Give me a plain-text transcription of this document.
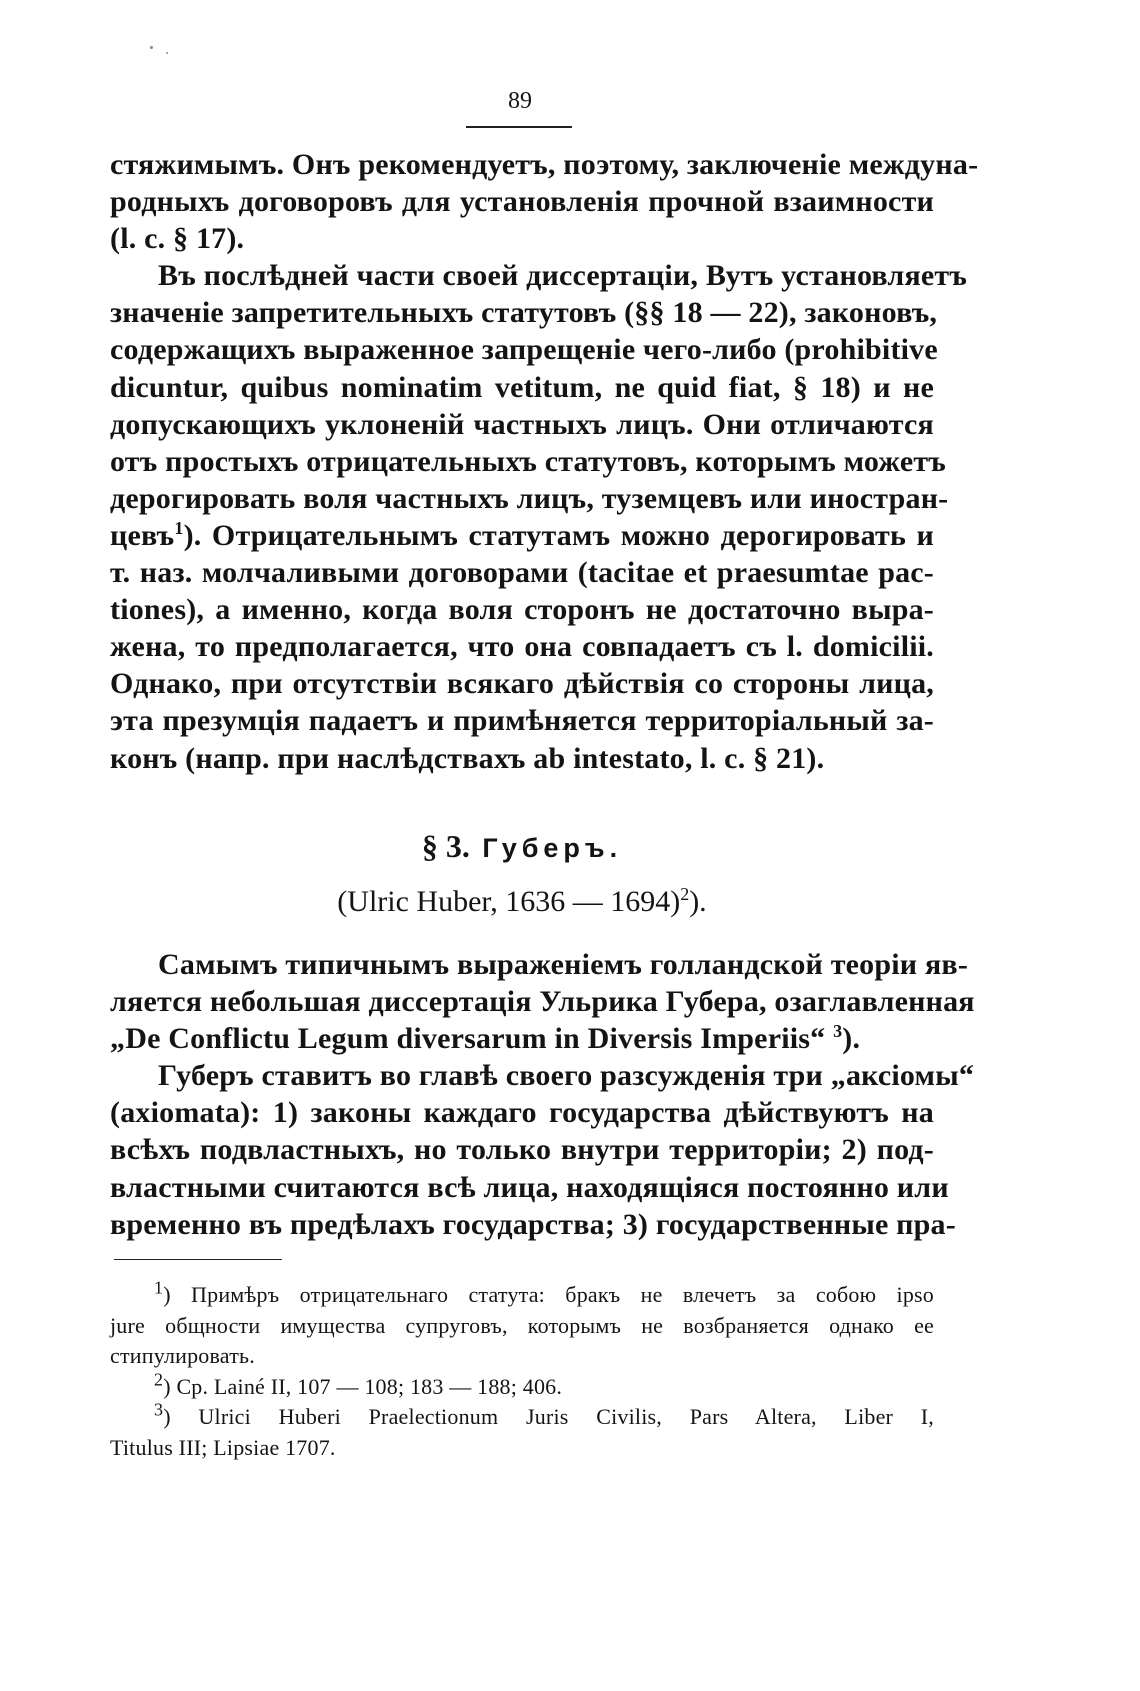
89
стяжимымъ. Онъ рекомендуетъ, поэтому, заключеніе междуна-
родныхъ договоровъ для установленія прочной взаимности
(l. c. § 17).
Въ послѣдней части своей диссертаціи, Вутъ установляетъ
значеніе запретительныхъ статутовъ (§§ 18 — 22), законовъ,
содержащихъ выраженное запрещеніе чего-либо (prohibitive
dicuntur, quibus nominatim vetitum, ne quid fiat, § 18) и не
допускающихъ уклоненій частныхъ лицъ. Они отличаются
отъ простыхъ отрицательныхъ статутовъ, которымъ можетъ
дерогировать воля частныхъ лицъ, туземцевъ или иностран-
цевъ$^1$). Отрицательнымъ статутамъ можно дерогировать и
т. наз. молчаливыми договорами (tacitae et praesumtae pac-
tiones), а именно, когда воля сторонъ не достаточно выра-
жена, то предполагается, что она совпадаетъ съ l. domicilii.
Однако, при отсутствіи всякаго дѣйствія со стороны лица,
эта презумція падаетъ и примѣняется территоріальный за-
конъ (напр. при наслѣдствахъ ab intestato, l. c. § 21).
§ 3. Губеръ.
(Ulric Huber, 1636 — 1694)$^2$).
Самымъ типичнымъ выраженіемъ голландской теоріи яв-
ляется небольшая диссертація Ульрика Губера, озаглавленная
„De Conflictu Legum diversarum in Diversis Imperiis“ $^3$).
Губеръ ставитъ во главѣ своего разсужденія три „аксіомы“
(axiomata): 1) законы каждаго государства дѣйствуютъ на
всѣхъ подвластныхъ, но только внутри территоріи; 2) под-
властными считаются всѣ лица, находящіяся постоянно или
временно въ предѣлахъ государства; 3) государственные пра-
$^1$) Примѣръ отрицательнаго статута: бракъ не влечетъ за собою ipso
jure общности имущества супруговъ, которымъ не возбраняется однако ее
стипулировать.
$^2$) Cp. Lainé II, 107 — 108; 183 — 188; 406.
$^3$) Ulrici Huberi Praelectionum Juris Civilis, Pars Altera, Liber I,
Titulus III; Lipsiae 1707.
